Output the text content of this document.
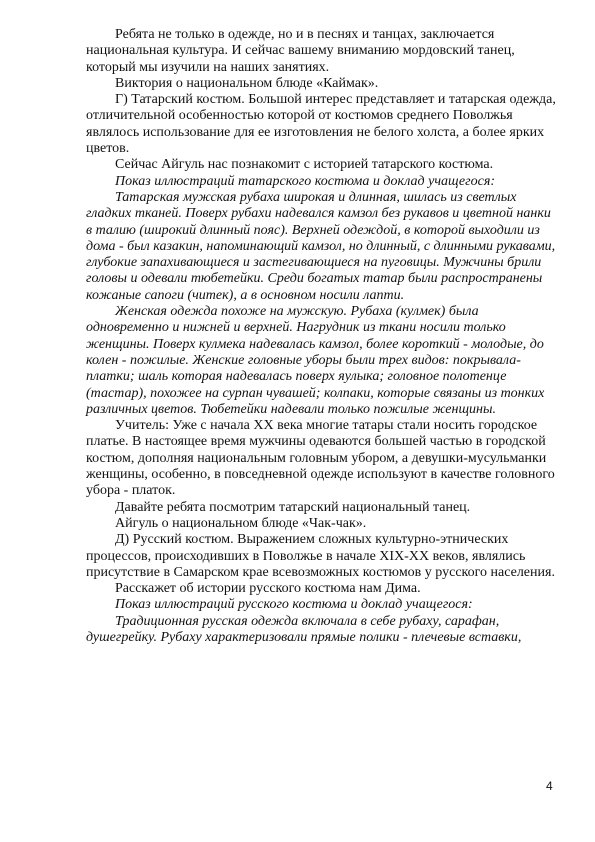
Ребята не только в одежде, но и в песнях и танцах, заключается национальная культура. И сейчас вашему вниманию мордовский танец, который мы изучили на наших занятиях.

Виктория о национальном блюде «Каймак».

Г) Татарский костюм. Большой интерес представляет и татарская одежда, отличительной особенностью которой от костюмов среднего Поволжья являлось использование для ее изготовления не белого холста, а более ярких цветов.

Сейчас Айгуль нас познакомит с историей татарского костюма.

Показ иллюстраций татарского костюма и доклад учащегося:

Татарская мужская рубаха широкая и длинная, шилась из светлых гладких тканей. Поверх рубахи надевался камзол без рукавов и цветной нанки в талию (широкий длинный пояс). Верхней одеждой, в которой выходили из дома - был казакин, напоминающий камзол, но длинный, с длинными рукавами, глубокие запахивающиеся и застегивающиеся на пуговицы. Мужчины брили головы и одевали тюбетейки. Среди богатых татар были распространены кожаные сапоги (читек), а в основном носили лапти.

Женская одежда похоже на мужскую. Рубаха (кулмек) была одновременно и нижней и верхней. Нагрудник из ткани носили только женщины. Поверх кулмека надевалась камзол, более короткий - молодые, до колен - пожилые. Женские головные уборы были трех видов: покрывала-платки; шаль которая надевалась поверх яулыка; головное полотенце (тастар), похожее на сурпан чувашей; колпаки, которые связаны из тонких различных цветов. Тюбетейки надевали только пожилые женщины.

Учитель: Уже с начала XX века многие татары стали носить городское платье. В настоящее время мужчины одеваются большей частью в городской костюм, дополняя национальным головным убором, а девушки-мусульманки женщины, особенно, в повседневной одежде используют в качестве головного убора - платок.

Давайте ребята посмотрим татарский национальный танец.

Айгуль о национальном блюде «Чак-чак».

Д) Русский костюм. Выражением сложных культурно-этнических процессов, происходивших в Поволжье в начале XIX-XX веков, являлись присутствие в Самарском крае всевозможных костюмов у русского населения.

Расскажет об истории русского костюма нам Дима.

Показ иллюстраций русского костюма и доклад учащегося:

Традиционная русская одежда включала в себе рубаху, сарафан, душегрейку. Рубаху характеризовали прямые полики - плечевые вставки,

4
